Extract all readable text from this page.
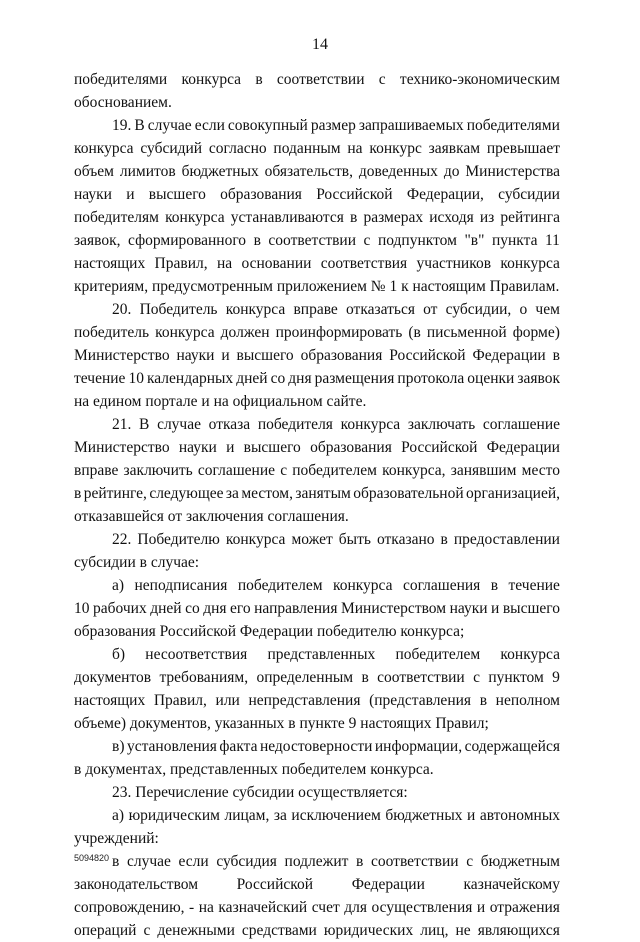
14
победителями конкурса в соответствии с технико-экономическим
обоснованием.
19. В случае если совокупный размер запрашиваемых победителями
конкурса субсидий согласно поданным на конкурс заявкам превышает
объем лимитов бюджетных обязательств, доведенных до Министерства
науки и высшего образования Российской Федерации, субсидии
победителям конкурса устанавливаются в размерах исходя из рейтинга
заявок, сформированного в соответствии с подпунктом "в" пункта 11
настоящих Правил, на основании соответствия участников конкурса
критериям, предусмотренным приложением № 1 к настоящим Правилам.
20. Победитель конкурса вправе отказаться от субсидии, о чем
победитель конкурса должен проинформировать (в письменной форме)
Министерство науки и высшего образования Российской Федерации в
течение 10 календарных дней со дня размещения протокола оценки заявок
на едином портале и на официальном сайте.
21. В случае отказа победителя конкурса заключать соглашение
Министерство науки и высшего образования Российской Федерации
вправе заключить соглашение с победителем конкурса, занявшим место
в рейтинге, следующее за местом, занятым образовательной организацией,
отказавшейся от заключения соглашения.
22. Победителю конкурса может быть отказано в предоставлении
субсидии в случае:
а) неподписания победителем конкурса соглашения в течение
10 рабочих дней со дня его направления Министерством науки и высшего
образования Российской Федерации победителю конкурса;
б) несоответствия представленных победителем конкурса
документов требованиям, определенным в соответствии с пунктом 9
настоящих Правил, или непредставления (представления в неполном
объеме) документов, указанных в пункте 9 настоящих Правил;
в) установления факта недостоверности информации, содержащейся
в документах, представленных победителем конкурса.
23. Перечисление субсидии осуществляется:
а) юридическим лицам, за исключением бюджетных и автономных
учреждений:
в случае если субсидия подлежит в соответствии с бюджетным
законодательством Российской Федерации казначейскому
сопровождению, - на казначейский счет для осуществления и отражения
операций с денежными средствами юридических лиц, не являющихся
5094820
